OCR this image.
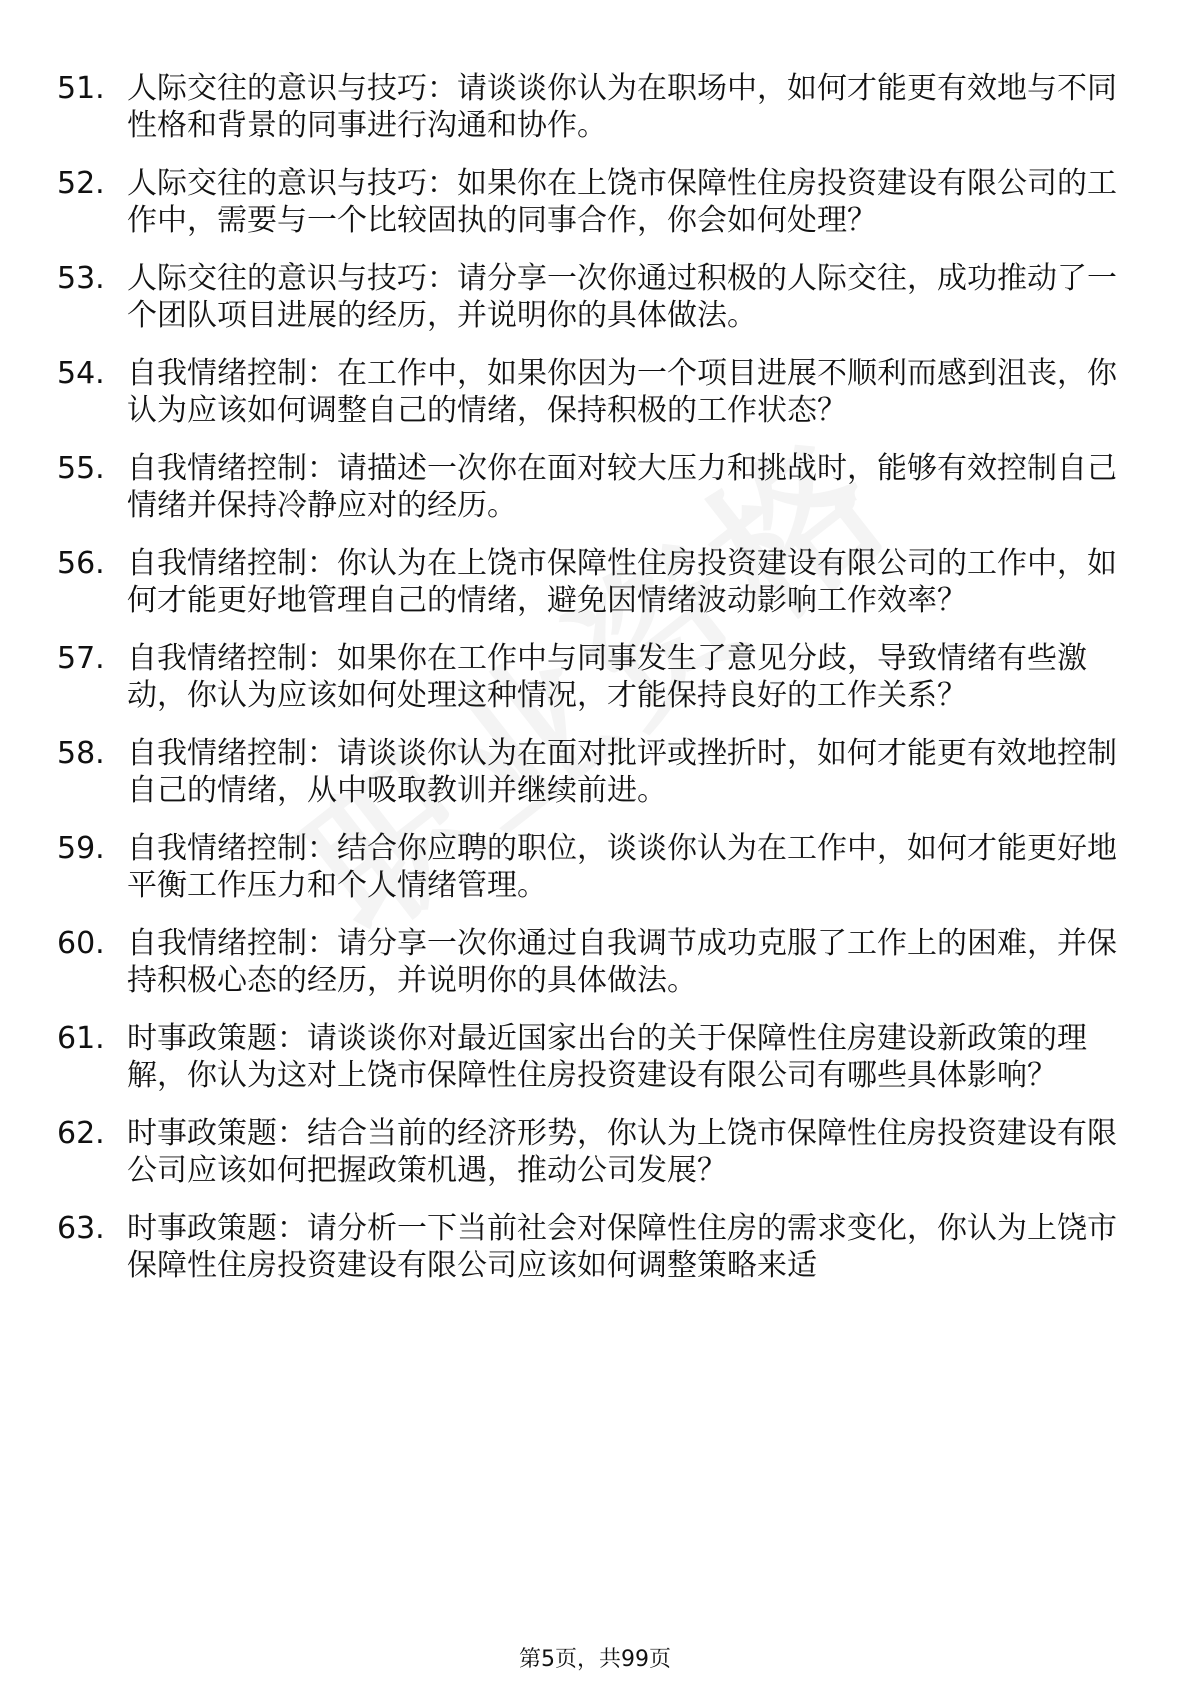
51. 人际交往的意识与技巧：请谈谈你认为在职场中，如何才能更有效地与不同性格和背景的同事进行沟通和协作。
52. 人际交往的意识与技巧：如果你在上饶市保障性住房投资建设有限公司的工作中，需要与一个比较固执的同事合作，你会如何处理？
53. 人际交往的意识与技巧：请分享一次你通过积极的人际交往，成功推动了一个团队项目进展的经历，并说明你的具体做法。
54. 自我情绪控制：在工作中，如果你因为一个项目进展不顺利而感到沮丧，你认为应该如何调整自己的情绪，保持积极的工作状态？
55. 自我情绪控制：请描述一次你在面对较大压力和挑战时，能够有效控制自己情绪并保持冷静应对的经历。
56. 自我情绪控制：你认为在上饶市保障性住房投资建设有限公司的工作中，如何才能更好地管理自己的情绪，避免因情绪波动影响工作效率？
57. 自我情绪控制：如果你在工作中与同事发生了意见分歧，导致情绪有些激动，你认为应该如何处理这种情况，才能保持良好的工作关系？
58. 自我情绪控制：请谈谈你认为在面对批评或挫折时，如何才能更有效地控制自己的情绪，从中吸取教训并继续前进。
59. 自我情绪控制：结合你应聘的职位，谈谈你认为在工作中，如何才能更好地平衡工作压力和个人情绪管理。
60. 自我情绪控制：请分享一次你通过自我调节成功克服了工作上的困难，并保持积极心态的经历，并说明你的具体做法。
61. 时事政策题：请谈谈你对最近国家出台的关于保障性住房建设新政策的理解，你认为这对上饶市保障性住房投资建设有限公司有哪些具体影响？
62. 时事政策题：结合当前的经济形势，你认为上饶市保障性住房投资建设有限公司应该如何把握政策机遇，推动公司发展？
63. 时事政策题：请分析一下当前社会对保障性住房的需求变化，你认为上饶市保障性住房投资建设有限公司应该如何调整策略来适
第5页，共99页
